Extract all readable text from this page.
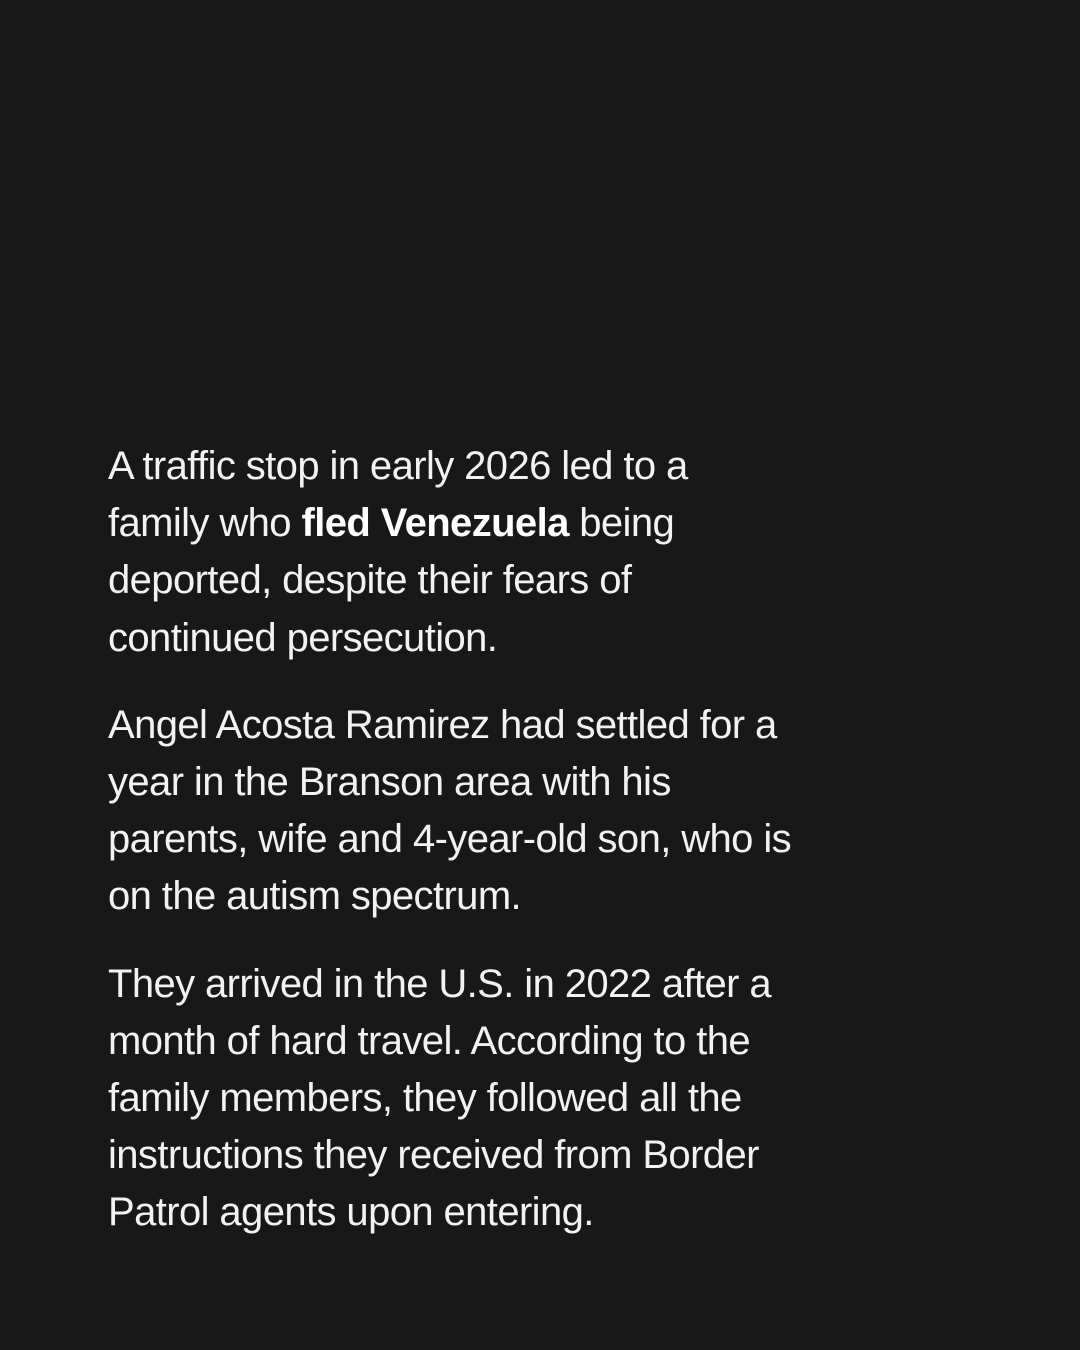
A traffic stop in early 2026 led to a family who fled Venezuela being deported, despite their fears of continued persecution.

Angel Acosta Ramirez had settled for a year in the Branson area with his parents, wife and 4-year-old son, who is on the autism spectrum.

They arrived in the U.S. in 2022 after a month of hard travel. According to the family members, they followed all the instructions they received from Border Patrol agents upon entering.
